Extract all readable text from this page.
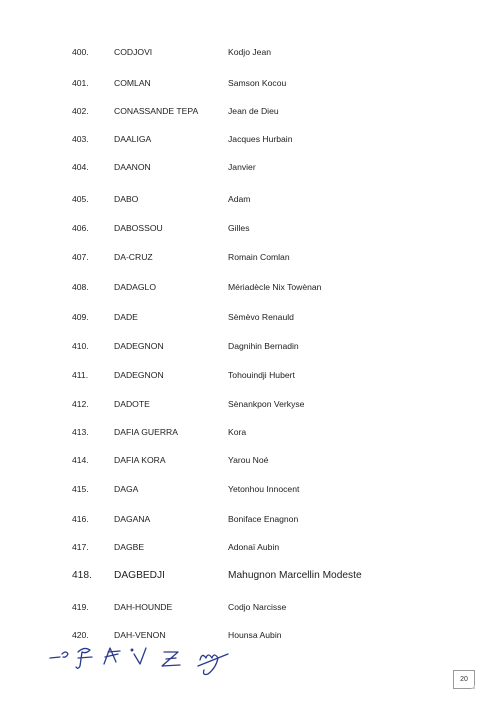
400.	CODJOVI	Kodjo Jean
401.	COMLAN	Samson Kocou
402.	CONASSANDE TEPA	Jean de Dieu
403.	DAALIGA	Jacques Hurbain
404.	DAANON	Janvier
405.	DABO	Adam
406.	DABOSSOU	Gilles
407.	DA-CRUZ	Romain Comlan
408.	DADAGLO	Mériadècle Nix Towènan
409.	DADE	Sèmèvo Renauld
410.	DADEGNON	Dagnihin Bernadin
411.	DADEGNON	Tohouindji Hubert
412.	DADOTE	Sènankpon Verkyse
413.	DAFIA GUERRA	Kora
414.	DAFIA KORA	Yarou Noé
415.	DAGA	Yetonhou Innocent
416.	DAGANA	Boniface Enagnon
417.	DAGBE	Adonaï Aubin
418.	DAGBEDJI	Mahugnon Marcellin Modeste
419.	DAH-HOUNDE	Codjo Narcisse
420.	DAH-VENON	Hounsa Aubin
20
